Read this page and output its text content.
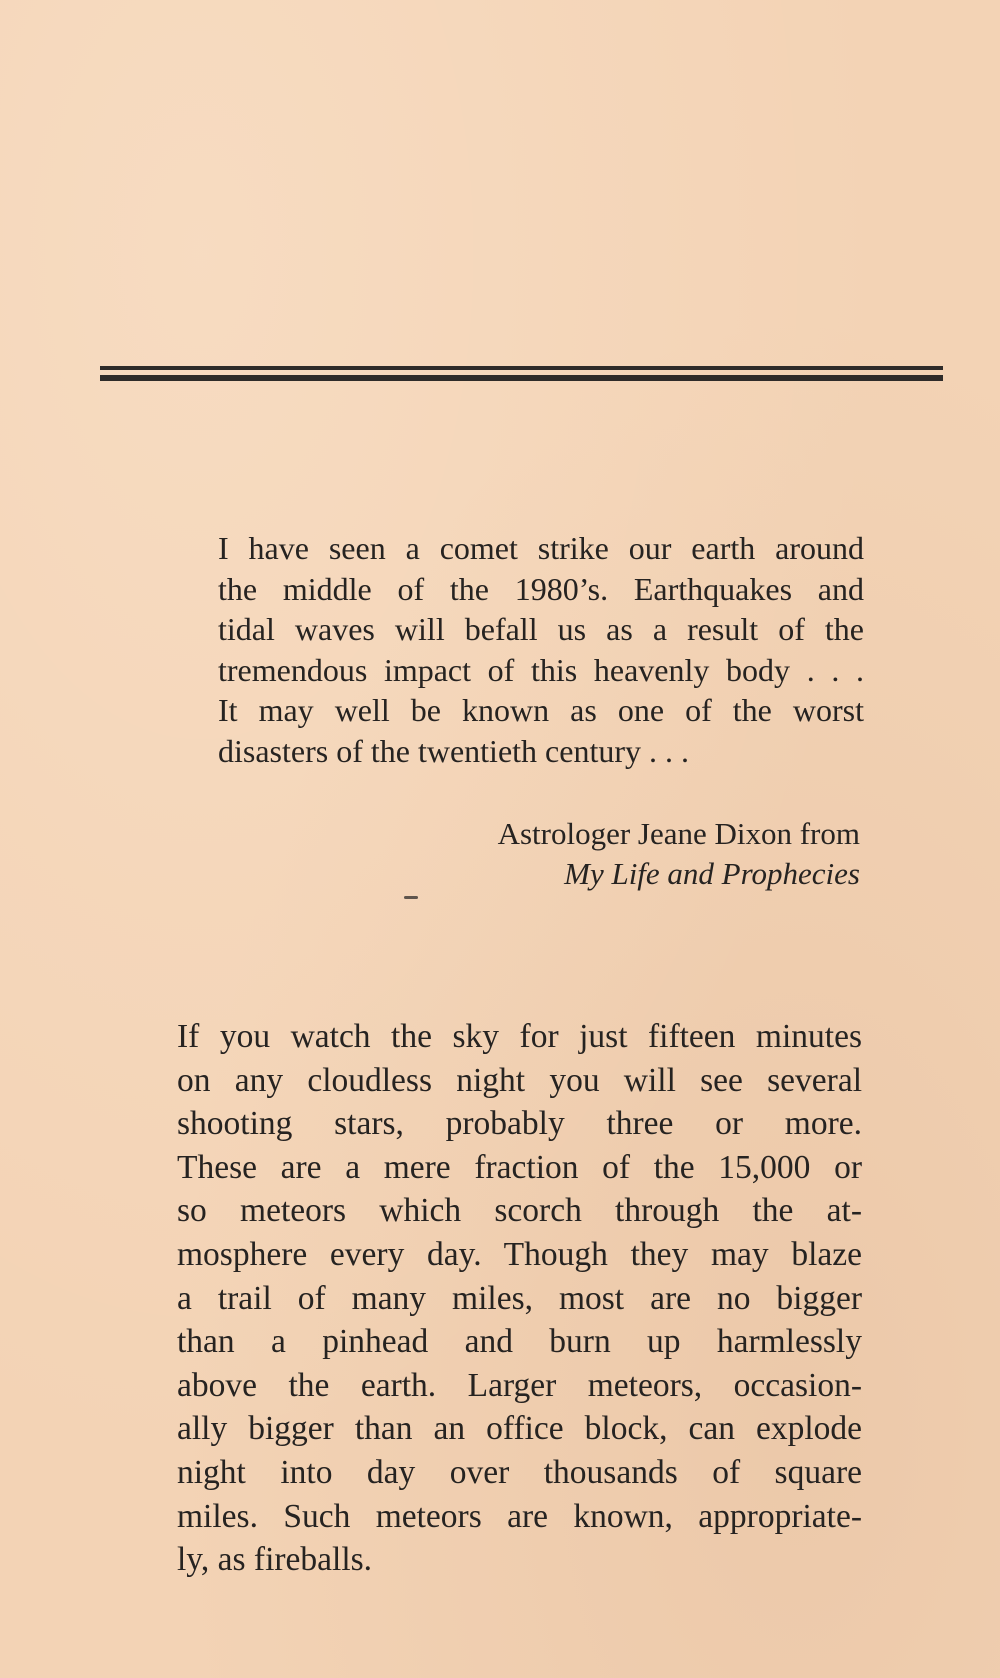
I have seen a comet strike our earth around
the middle of the 1980’s. Earthquakes and
tidal waves will befall us as a result of the
tremendous impact of this heavenly body . . .
It may well be known as one of the worst
disasters of the twentieth century . . .

Astrologer Jeane Dixon from
My Life and Prophecies

If you watch the sky for just fifteen minutes
on any cloudless night you will see several
shooting stars, probably three or more.
These are a mere fraction of the 15,000 or
so meteors which scorch through the at-
mosphere every day. Though they may blaze
a trail of many miles, most are no bigger
than a pinhead and burn up harmlessly
above the earth. Larger meteors, occasion-
ally bigger than an office block, can explode
night into day over thousands of square
miles. Such meteors are known, appropriate-
ly, as fireballs.
